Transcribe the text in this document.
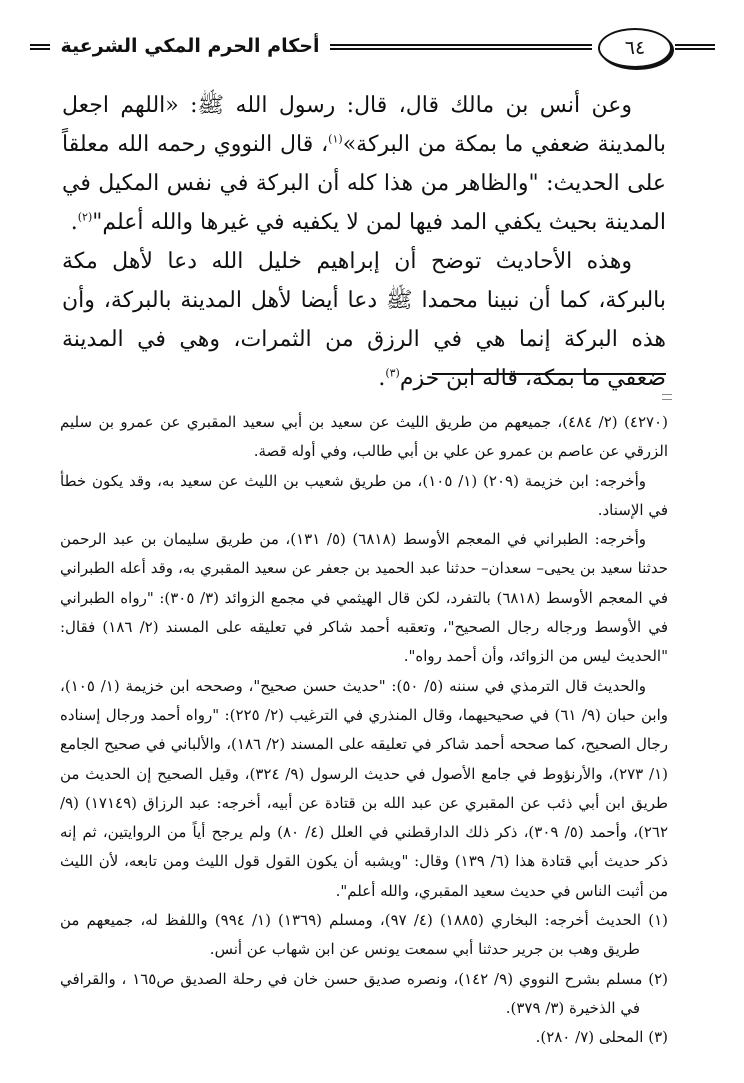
أحكام الحرم المكي الشرعية	٦٤

وعن أنس بن مالك قال، قال: رسول الله ﷺ: «اللهم اجعل بالمدينة ضعفي ما بمكة من البركة»$^{(١)}$، قال النووي رحمه الله معلقاً على الحديث: "والظاهر من هذا كله أن البركة في نفس المكيل في المدينة بحيث يكفي المد فيها لمن لا يكفيه في غيرها والله أعلم"$^{(٢)}$.

وهذه الأحاديث توضح أن إبراهيم خليل الله دعا لأهل مكة بالبركة، كما أن نبينا محمدا ﷺ دعا أيضا لأهل المدينة بالبركة، وأن هذه البركة إنما هي في الرزق من الثمرات، وهي في المدينة ضعفي ما بمكة، قاله ابن حزم$^{(٣)}$.

(٤٢٧٠) (٢/ ٤٨٤)، جميعهم من طريق الليث عن سعيد بن أبي سعيد المقبري عن عمرو بن سليم الزرقي عن عاصم بن عمرو عن علي بن أبي طالب، وفي أوله قصة.

وأخرجه: ابن خزيمة (٢٠٩) (١/ ١٠٥)، من طريق شعيب بن الليث عن سعيد به، وقد يكون خطأ في الإسناد.

وأخرجه: الطبراني في المعجم الأوسط (٦٨١٨) (٥/ ١٣١)، من طريق سليمان بن عبد الرحمن حدثنا سعيد بن يحيى– سعدان– حدثنا عبد الحميد بن جعفر عن سعيد المقبري به، وقد أعله الطبراني في المعجم الأوسط (٦٨١٨) بالتفرد، لكن قال الهيثمي في مجمع الزوائد (٣/ ٣٠٥): "رواه الطبراني في الأوسط ورجاله رجال الصحيح"، وتعقبه أحمد شاكر في تعليقه على المسند (٢/ ١٨٦) فقال: "الحديث ليس من الزوائد، وأن أحمد رواه".

والحديث قال الترمذي في سننه (٥/ ٥٠): "حديث حسن صحيح"، وصححه ابن خزيمة (١/ ١٠٥)، وابن حبان (٩/ ٦١) في صحيحيهما، وقال المنذري في الترغيب (٢/ ٢٢٥): "رواه أحمد ورجال إسناده رجال الصحيح، كما صححه أحمد شاكر في تعليقه على المسند (٢/ ١٨٦)، والألباني في صحيح الجامع (١/ ٢٧٣)، والأرنؤوط في جامع الأصول في حديث الرسول (٩/ ٣٢٤)، وقيل الصحيح إن الحديث من طريق ابن أبي ذئب عن المقبري عن عبد الله بن قتادة عن أبيه، أخرجه: عبد الرزاق (١٧١٤٩) (٩/ ٢٦٢)، وأحمد (٥/ ٣٠٩)، ذكر ذلك الدارقطني في العلل (٤/ ٨٠) ولم يرجح أياً من الروايتين، ثم إنه ذكر حديث أبي قتادة هذا (٦/ ١٣٩) وقال: "ويشبه أن يكون القول قول الليث ومن تابعه، لأن الليث من أثبت الناس في حديث سعيد المقبري، والله أعلم".

(١) الحديث أخرجه: البخاري (١٨٨٥) (٤/ ٩٧)، ومسلم (١٣٦٩) (١/ ٩٩٤) واللفظ له، جميعهم من طريق وهب بن جرير حدثنا أبي سمعت يونس عن ابن شهاب عن أنس.

(٢) مسلم بشرح النووي (٩/ ١٤٢)، ونصره صديق حسن خان في رحلة الصديق ص١٦٥ ، والقرافي في الذخيرة (٣/ ٣٧٩).

(٣) المحلى (٧/ ٢٨٠).
